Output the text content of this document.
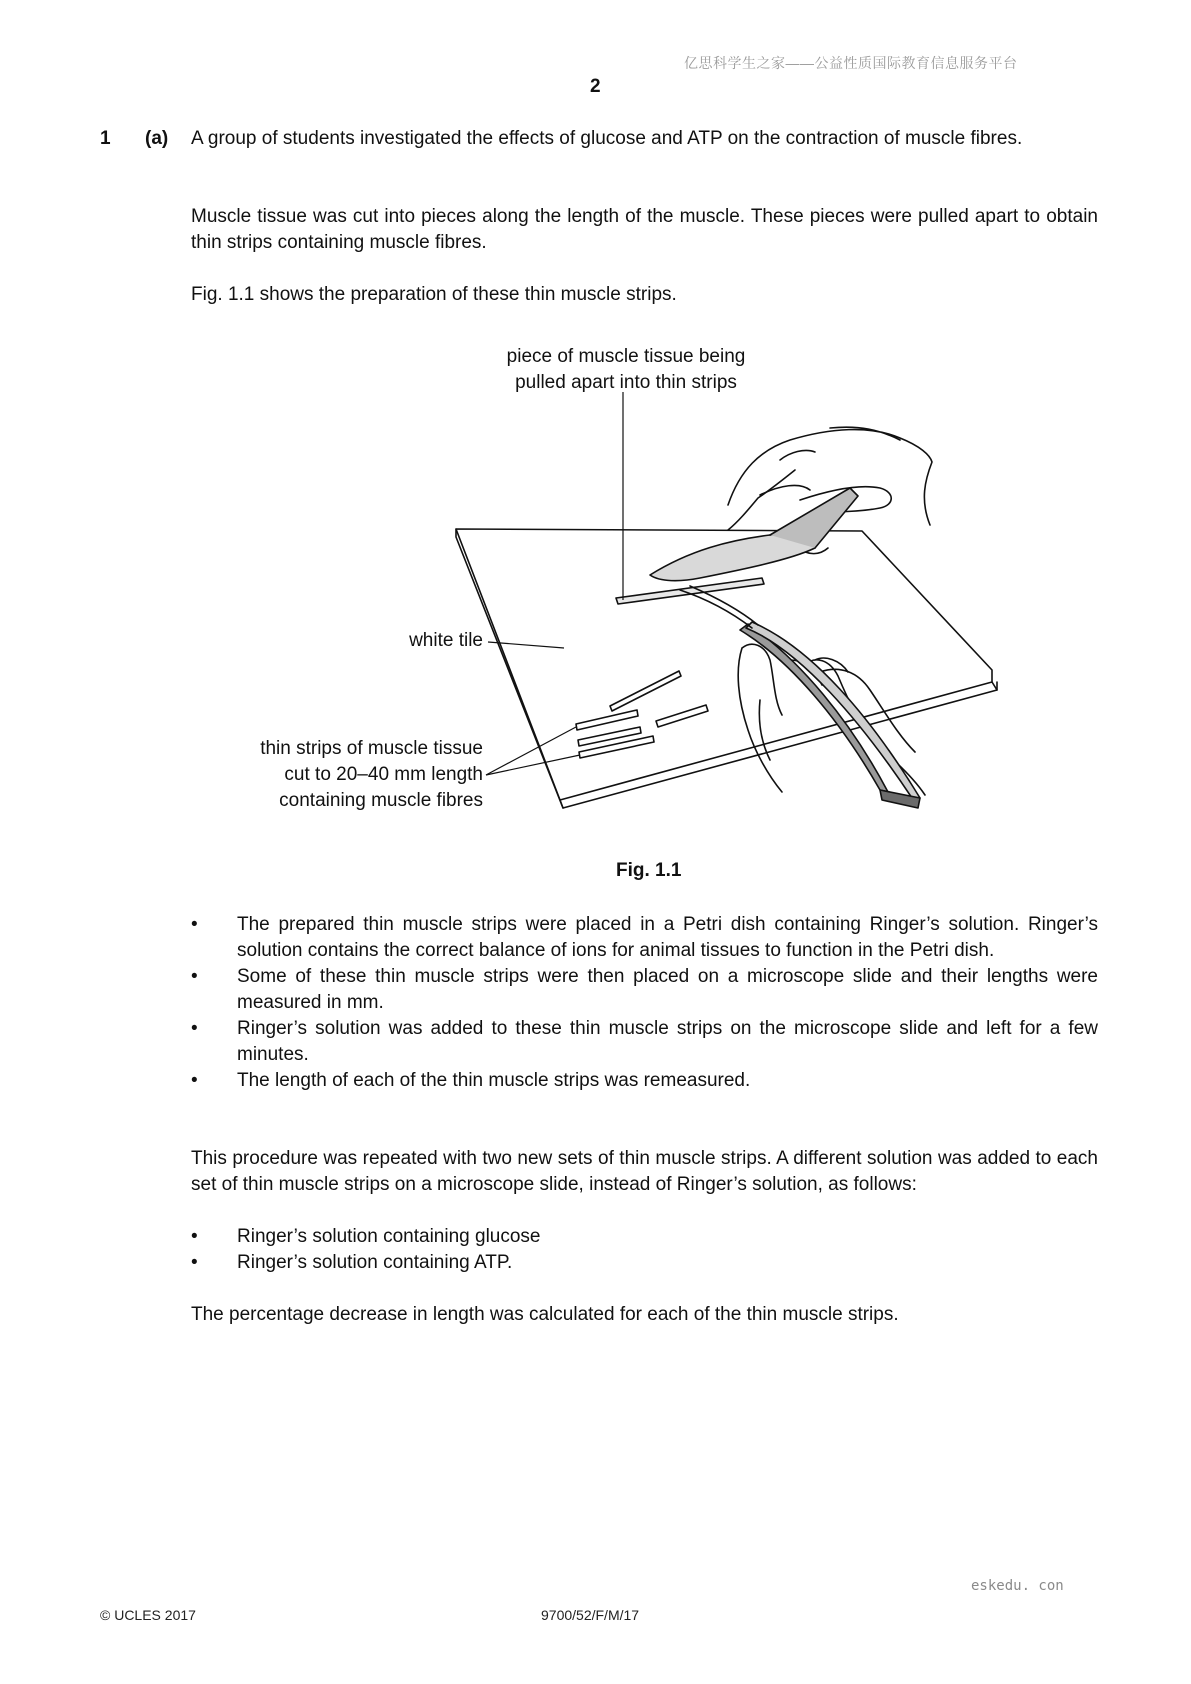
亿思科学生之家——公益性质国际教育信息服务平台
2
1 (a) A group of students investigated the effects of glucose and ATP on the contraction of muscle fibres.
Muscle tissue was cut into pieces along the length of the muscle. These pieces were pulled apart to obtain thin strips containing muscle fibres.
Fig. 1.1 shows the preparation of these thin muscle strips.
piece of muscle tissue being
pulled apart into thin strips
white tile
thin strips of muscle tissue
cut to 20–40 mm length
containing muscle fibres
Fig. 1.1
• The prepared thin muscle strips were placed in a Petri dish containing Ringer’s solution. Ringer’s solution contains the correct balance of ions for animal tissues to function in the Petri dish.
• Some of these thin muscle strips were then placed on a microscope slide and their lengths were measured in mm.
• Ringer’s solution was added to these thin muscle strips on the microscope slide and left for a few minutes.
• The length of each of the thin muscle strips was remeasured.
This procedure was repeated with two new sets of thin muscle strips. A different solution was added to each set of thin muscle strips on a microscope slide, instead of Ringer’s solution, as follows:
• Ringer’s solution containing glucose
• Ringer’s solution containing ATP.
The percentage decrease in length was calculated for each of the thin muscle strips.
eskedu. con
© UCLES 2017	9700/52/F/M/17
